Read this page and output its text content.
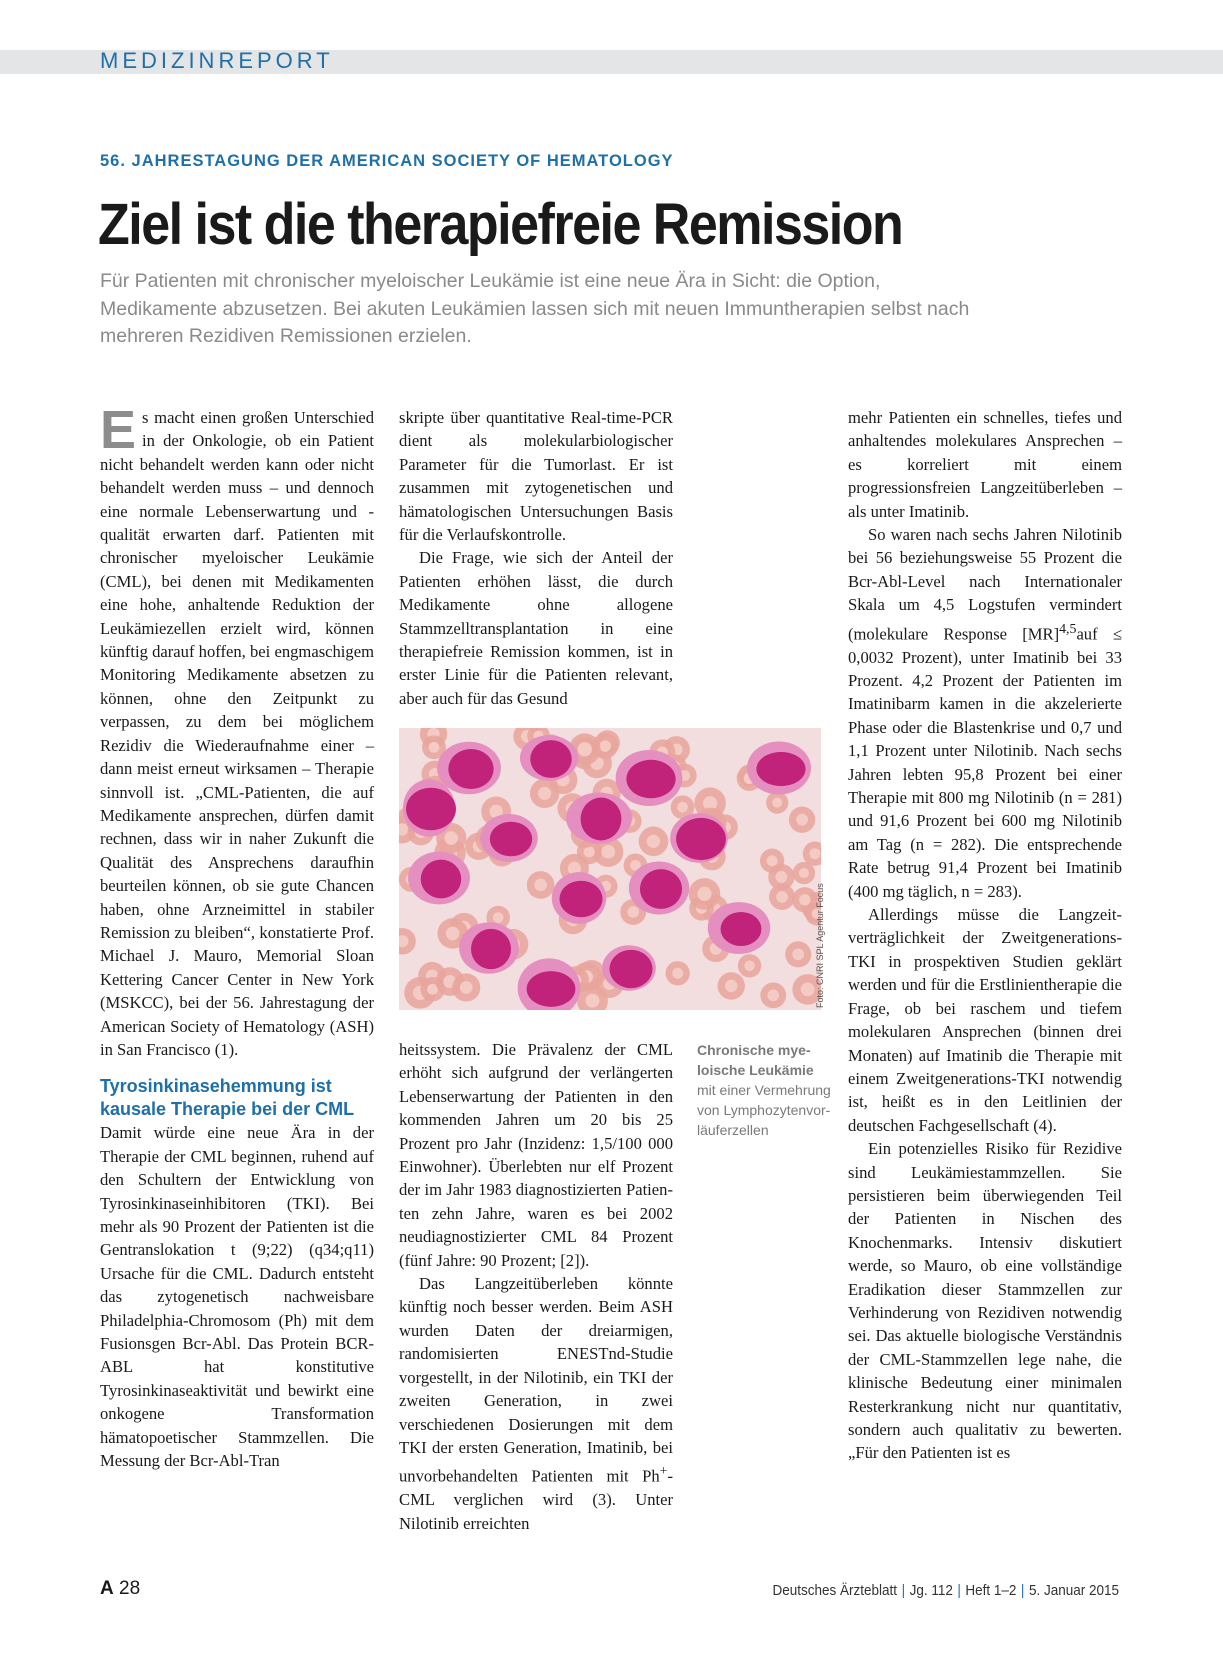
MEDIZINREPORT
56. JAHRESTAGUNG DER AMERICAN SOCIETY OF HEMATOLOGY
Ziel ist die therapiefreie Remission

Für Patienten mit chronischer myeloischer Leukämie ist eine neue Ära in Sicht: die Option, Medikamente abzusetzen. Bei akuten Leukämien lassen sich mit neuen Immuntherapien selbst nach mehreren Rezidiven Remissionen erzielen.

Es macht einen großen Unterschied in der Onkologie, ob ein Patient nicht behandelt werden kann oder nicht behandelt werden muss – und dennoch eine normale Lebenserwartung und -qualität erwarten darf. Patienten mit chronischer myeloischer Leukämie (CML), bei denen mit Medikamenten eine hohe, anhaltende Reduktion der Leukämiezellen erzielt wird, können künftig darauf hoffen, bei engmaschigem Monitoring Medikamente absetzen zu können, ohne den Zeitpunkt zu verpassen, zu dem bei möglichem Rezidiv die Wiederaufnahme einer – dann meist erneut wirksamen – Therapie sinnvoll ist. „CML-Patienten, die auf Medikamente ansprechen, dürfen damit rechnen, dass wir in naher Zukunft die Qualität des Ansprechens daraufhin beurteilen können, ob sie gute Chancen haben, ohne Arzneimittel in stabiler Remission zu bleiben“, konstatierte Prof. Michael J. Mauro, Memorial Sloan Kettering Cancer Center in New York (MSKCC), bei der 56. Jahrestagung der American Society of Hematology (ASH) in San Francisco (1).

Tyrosinkinasehemmung ist kausale Therapie bei der CML

Damit würde eine neue Ära in der Therapie der CML beginnen, ruhend auf den Schultern der Entwicklung von Tyrosinkinaseinhibitoren (TKI). Bei mehr als 90 Prozent der Patienten ist die Gentranslokation t (9;22) (q34;q11) Ursache für die CML. Dadurch entsteht das zytogenetisch nachweisbare Philadelphia-Chromosom (Ph) mit dem Fusionsgen Bcr-Abl. Das Protein BCR-ABL hat konstitutive Tyrosinkinaseaktivität und bewirkt eine onkogene Transformation hämatopoetischer Stammzellen. Die Messung der Bcr-Abl-Tran

skripte über quantitative Real-time-PCR dient als molekularbiologischer Parameter für die Tumorlast. Er ist zusammen mit zytogenetischen und hämatologischen Untersuchungen Basis für die Verlaufskontrolle.

Die Frage, wie sich der Anteil der Patienten erhöhen lässt, die durch Medikamente ohne allogene Stammzelltransplantation in eine therapiefreie Remission kommen, ist in erster Linie für die Patienten relevant, aber auch für das Gesund

Foto: CNRI SPL Agentur Focus
Chronische myeloische Leukämie
mit einer Vermehrung von Lymphozytenvorläuferzellen

heitssystem. Die Prävalenz der CML erhöht sich aufgrund der verlängerten Lebenserwartung der Patienten in den kommenden Jahren um 20 bis 25 Prozent pro Jahr (Inzidenz: 1,5/100 000 Einwohner). Überlebten nur elf Prozent der im Jahr 1983 diagnostizierten Patienten zehn Jahre, waren es bei 2002 neudiagnostizierter CML 84 Prozent (fünf Jahre: 90 Prozent; [2]).

Das Langzeitüberleben könnte künftig noch besser werden. Beim ASH wurden Daten der dreiarmigen, randomisierten ENESTnd-Studie vorgestellt, in der Nilotinib, ein TKI der zweiten Generation, in zwei verschiedenen Dosierungen mit dem TKI der ersten Generation, Imatinib, bei unvorbehandelten Patienten mit Ph+-CML verglichen wird (3). Unter Nilotinib erreichten

mehr Patienten ein schnelles, tiefes und anhaltendes molekulares Ansprechen – es korreliert mit einem progressionsfreien Langzeitüberleben – als unter Imatinib.

So waren nach sechs Jahren Nilotinib bei 56 beziehungsweise 55 Prozent die Bcr-Abl-Level nach Internationaler Skala um 4,5 Logstufen vermindert (molekulare Response [MR]$^{4,5}$auf ≤ 0,0032 Prozent), unter Imatinib bei 33 Prozent. 4,2 Prozent der Patienten im Imatinibarm kamen in die akzelerierte Phase oder die Blastenkrise und 0,7 und 1,1 Prozent unter Nilotinib. Nach sechs Jahren lebten 95,8 Prozent bei einer Therapie mit 800 mg Nilotinib (n = 281) und 91,6 Prozent bei 600 mg Nilotinib am Tag (n = 282). Die entsprechende Rate betrug 91,4 Prozent bei Imatinib (400 mg täglich, n = 283).

Allerdings müsse die Langzeitverträglichkeit der Zweitgenerations-TKI in prospektiven Studien geklärt werden und für die Erstlinientherapie die Frage, ob bei raschem und tiefem molekularen Ansprechen (binnen drei Monaten) auf Imatinib die Therapie mit einem Zweitgenerations-TKI notwendig ist, heißt es in den Leitlinien der deutschen Fachgesellschaft (4).

Ein potenzielles Risiko für Rezidive sind Leukämiestammzellen. Sie persistieren beim überwiegenden Teil der Patienten in Nischen des Knochenmarks. Intensiv diskutiert werde, so Mauro, ob eine vollständige Eradikation dieser Stammzellen zur Verhinderung von Rezidiven notwendig sei. Das aktuelle biologische Verständnis der CML-Stammzellen lege nahe, die klinische Bedeutung einer minimalen Resterkrankung nicht nur quantitativ, sondern auch qualitativ zu bewerten. „Für den Patienten ist es

A 28	Deutsches Ärzteblatt | Jg. 112 | Heft 1–2 | 5. Januar 2015
